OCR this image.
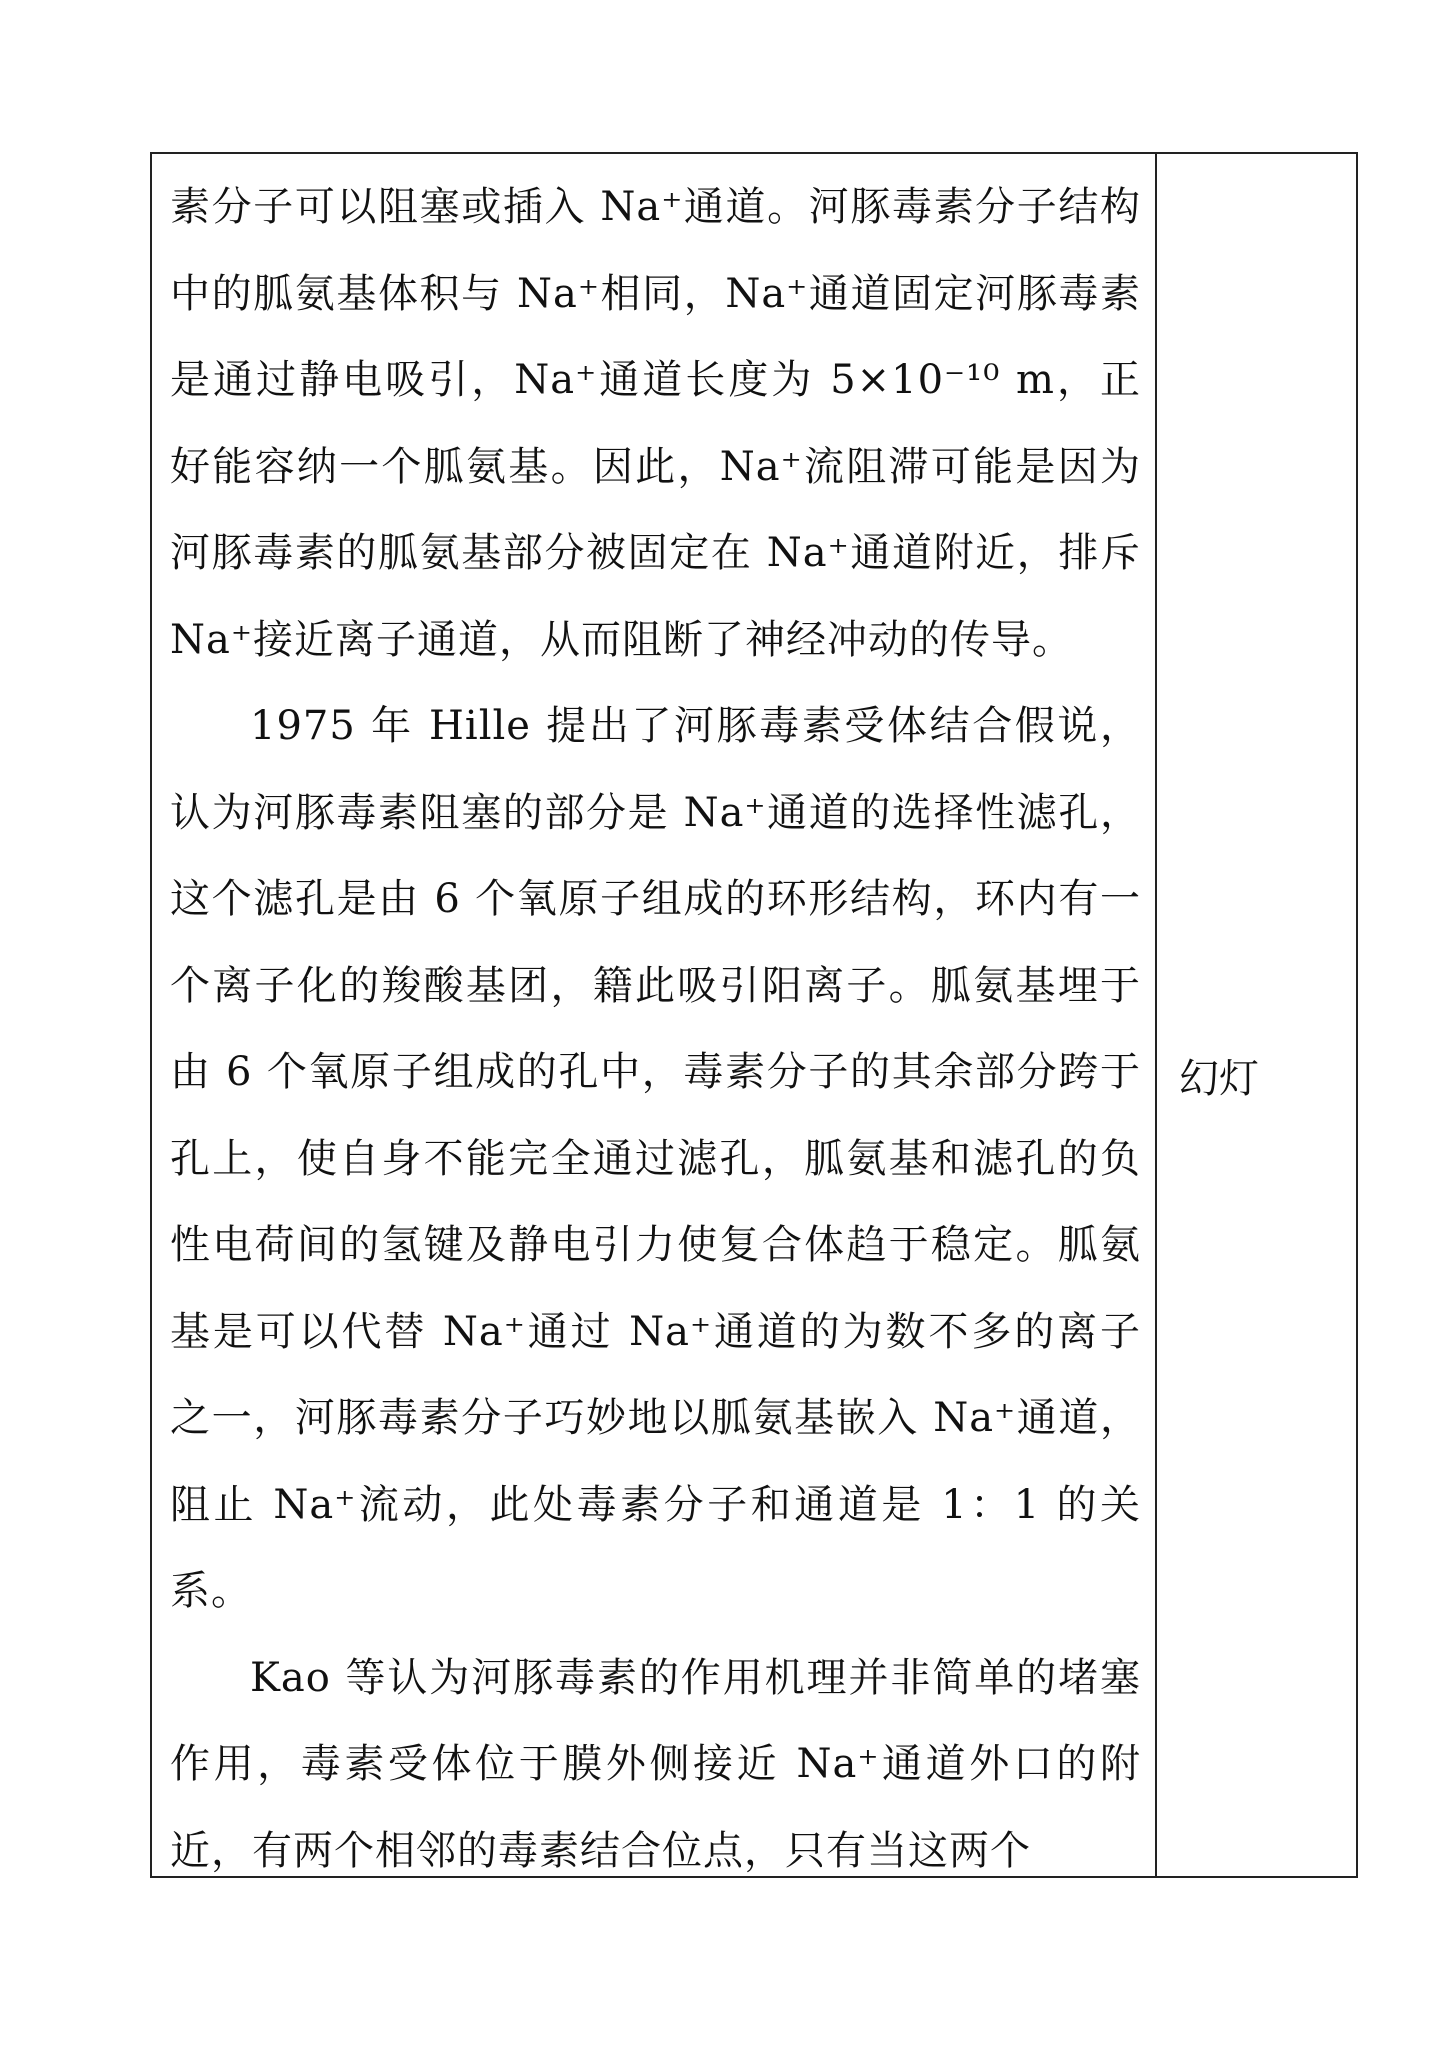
素分子可以阻塞或插入 Na⁺通道。河豚毒素分子结构中的胍氨基体积与 Na⁺相同，Na⁺通道固定河豚毒素是通过静电吸引，Na⁺通道长度为 5×10⁻¹⁰ m，正好能容纳一个胍氨基。因此，Na⁺流阻滞可能是因为河豚毒素的胍氨基部分被固定在 Na⁺通道附近，排斥 Na⁺接近离子通道，从而阻断了神经冲动的传导。

1975 年 Hille 提出了河豚毒素受体结合假说，认为河豚毒素阻塞的部分是 Na⁺通道的选择性滤孔，这个滤孔是由 6 个氧原子组成的环形结构，环内有一个离子化的羧酸基团，籍此吸引阳离子。胍氨基埋于由 6 个氧原子组成的孔中，毒素分子的其余部分跨于孔上，使自身不能完全通过滤孔，胍氨基和滤孔的负性电荷间的氢键及静电引力使复合体趋于稳定。胍氨基是可以代替 Na⁺通过 Na⁺通道的为数不多的离子之一，河豚毒素分子巧妙地以胍氨基嵌入 Na⁺通道，阻止 Na⁺流动，此处毒素分子和通道是 1：1 的关系。

Kao 等认为河豚毒素的作用机理并非简单的堵塞作用，毒素受体位于膜外侧接近 Na⁺通道外口的附近，有两个相邻的毒素结合位点，只有当这两个

幻灯
